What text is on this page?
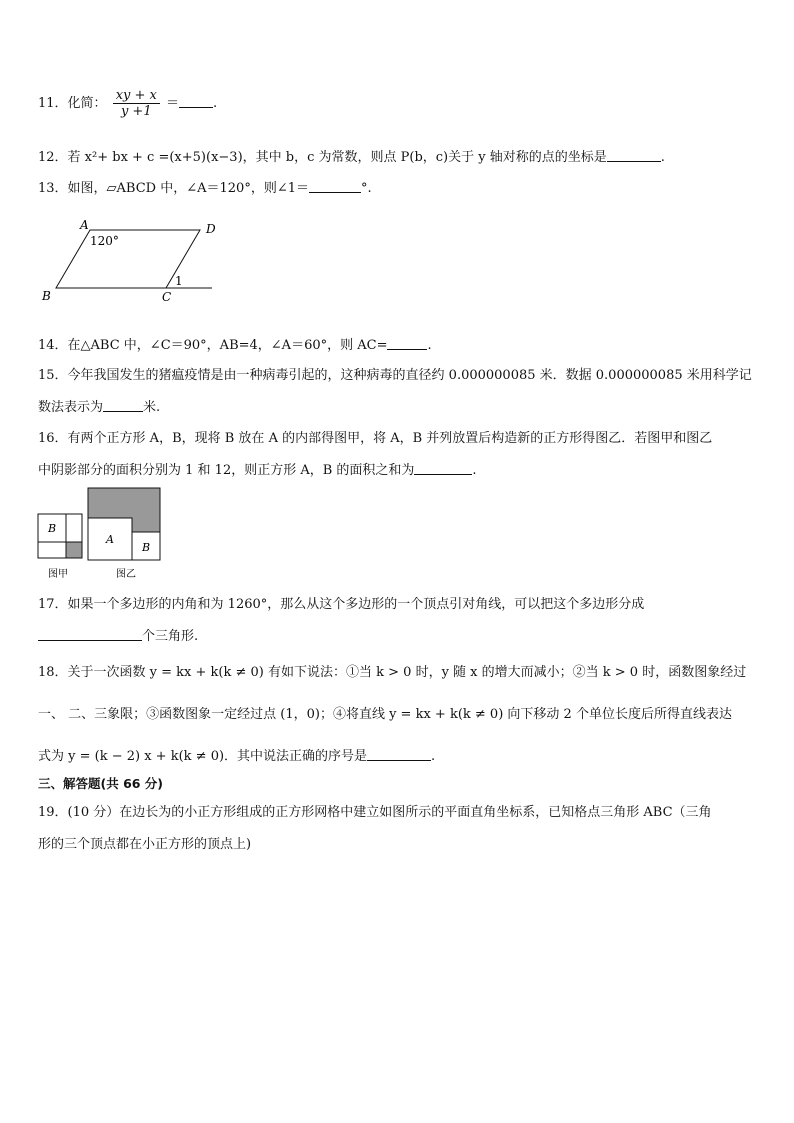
11．化简： $\frac{xy + x}{y +1}$ ＝	.
12．若 x²+ bx + c =(x+5)(x−3)，其中 b，c 为常数，则点 P(b，c)关于 y 轴对称的点的坐标是	.
13．如图，▱ABCD 中，∠A＝120°，则∠1＝	°.
A	D
B	C
120°
1
14．在△ABC 中，∠C＝90°，AB=4，∠A＝60°，则 AC=	.
15．今年我国发生的猪瘟疫情是由一种病毒引起的，这种病毒的直径约 0.000000085 米．数据 0.000000085 米用科学记
数法表示为	米.
16．有两个正方形 A，B，现将 B 放在 A 的内部得图甲，将 A，B 并列放置后构造新的正方形得图乙．若图甲和图乙
中阴影部分的面积分别为 1 和 12，则正方形 A，B 的面积之和为	.
B
图甲
A
B
图乙
17．如果一个多边形的内角和为 1260°，那么从这个多边形的一个顶点引对角线，可以把这个多边形分成
个三角形.
18．关于一次函数 y = kx + k(k ≠ 0) 有如下说法：①当 k > 0 时，y 随 x 的增大而减小；②当 k > 0 时，函数图象经过
一、 二、三象限；③函数图象一定经过点 (1，0)；④将直线 y = kx + k(k ≠ 0) 向下移动 2 个单位长度后所得直线表达
式为 y = (k − 2) x + k(k ≠ 0)．其中说法正确的序号是	.
三、解答题(共 66 分)
19．(10 分）在边长为的小正方形组成的正方形网格中建立如图所示的平面直角坐标系，已知格点三角形 ABC（三角
形的三个顶点都在小正方形的顶点上)
